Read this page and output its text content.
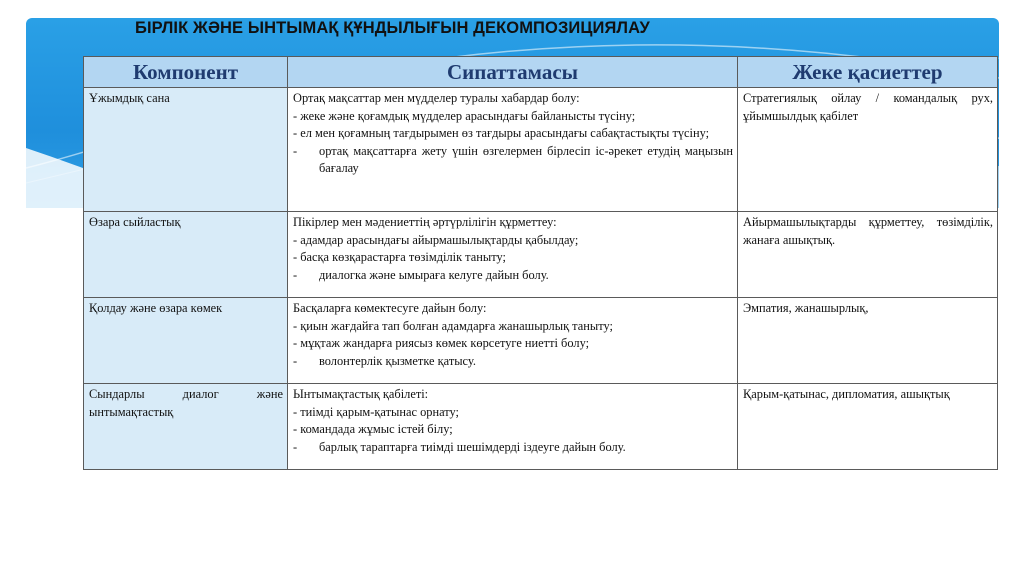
БІРЛІК ЖӘНЕ ЫНТЫМАҚ ҚҰНДЫЛЫҒЫН ДЕКОМПОЗИЦИЯЛАУ
Компонент	Сипаттамасы	Жеке қасиеттер
Ұжымдық сана	Ортақ мақсаттар мен мүдделер туралы хабардар болу:
- жеке және қоғамдық мүдделер арасындағы байланысты түсіну;
- ел мен қоғамның тағдырымен өз тағдыры арасындағы сабақтастықты түсіну;
- ортақ мақсаттарға жету үшін өзгелермен бірлесіп іс-әрекет етудің маңызын бағалау	Стратегиялық ойлау / командалық рух, ұйымшылдық қабілет
Өзара сыйластық	Пікірлер мен мәдениеттің әртүрлілігін құрметтеу:
- адамдар арасындағы айырмашылықтарды қабылдау;
- басқа көзқарастарға төзімділік таныту;
- диалогка және ымыраға келуге дайын болу.	Айырмашылықтарды құрметтеу, төзімділік, жанаға ашықтық.
Қолдау және өзара көмек	Басқаларға көмектесуге дайын болу:
- қиын жағдайға тап болған адамдарға жанашырлық таныту;
- мұқтаж жандарға риясыз көмек көрсетуге ниетті болу;
- волонтерлік қызметке қатысу.	Эмпатия, жанашырлық,
Сындарлы диалог және ынтымақтастық	Ынтымақтастық қабілеті:
- тиімді қарым-қатынас орнату;
- командада жұмыс істей білу;
- барлық тараптарға тиімді шешімдерді іздеуге дайын болу.	Қарым-қатынас, дипломатия, ашықтық
